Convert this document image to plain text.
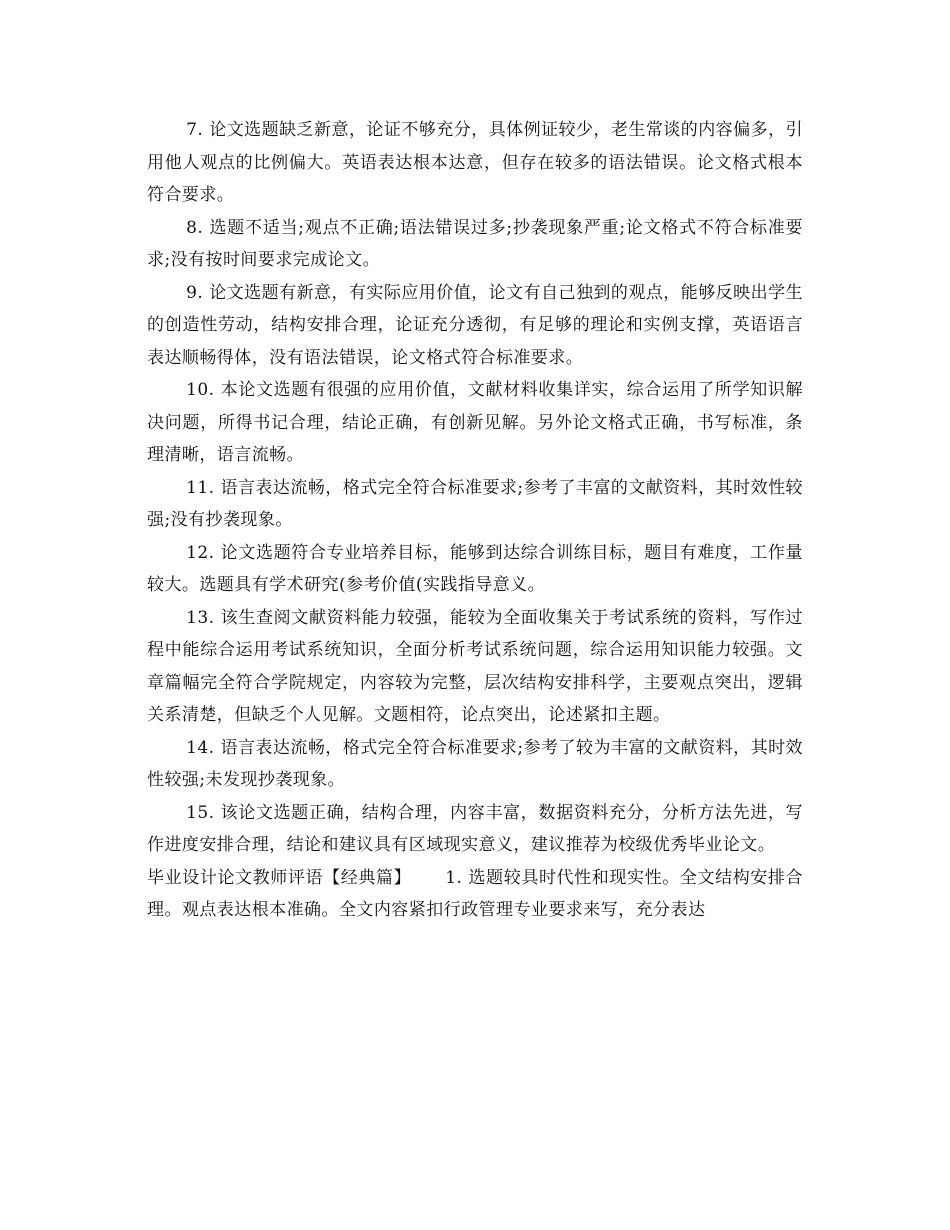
7. 论文选题缺乏新意，论证不够充分，具体例证较少，老生常谈的内容偏多，引用他人观点的比例偏大。英语表达根本达意，但存在较多的语法错误。论文格式根本符合要求。

8. 选题不适当;观点不正确;语法错误过多;抄袭现象严重;论文格式不符合标准要求;没有按时间要求完成论文。

9. 论文选题有新意，有实际应用价值，论文有自己独到的观点，能够反映出学生的创造性劳动，结构安排合理，论证充分透彻，有足够的理论和实例支撑，英语语言表达顺畅得体，没有语法错误，论文格式符合标准要求。

10. 本论文选题有很强的应用价值，文献材料收集详实，综合运用了所学知识解决问题，所得书记合理，结论正确，有创新见解。另外论文格式正确，书写标准，条理清晰，语言流畅。

11. 语言表达流畅，格式完全符合标准要求;参考了丰富的文献资料，其时效性较强;没有抄袭现象。

12. 论文选题符合专业培养目标，能够到达综合训练目标，题目有难度，工作量较大。选题具有学术研究(参考价值(实践指导意义。

13. 该生查阅文献资料能力较强，能较为全面收集关于考试系统的资料，写作过程中能综合运用考试系统知识，全面分析考试系统问题，综合运用知识能力较强。文章篇幅完全符合学院规定，内容较为完整，层次结构安排科学，主要观点突出，逻辑关系清楚，但缺乏个人见解。文题相符，论点突出，论述紧扣主题。

14. 语言表达流畅，格式完全符合标准要求;参考了较为丰富的文献资料，其时效性较强;未发现抄袭现象。

15. 该论文选题正确，结构合理，内容丰富，数据资料充分，分析方法先进，写作进度安排合理，结论和建议具有区域现实意义，建议推荐为校级优秀毕业论文。

毕业设计论文教师评语【经典篇】 1. 选题较具时代性和现实性。全文结构安排合理。观点表达根本准确。全文内容紧扣行政管理专业要求来写，充分表达
